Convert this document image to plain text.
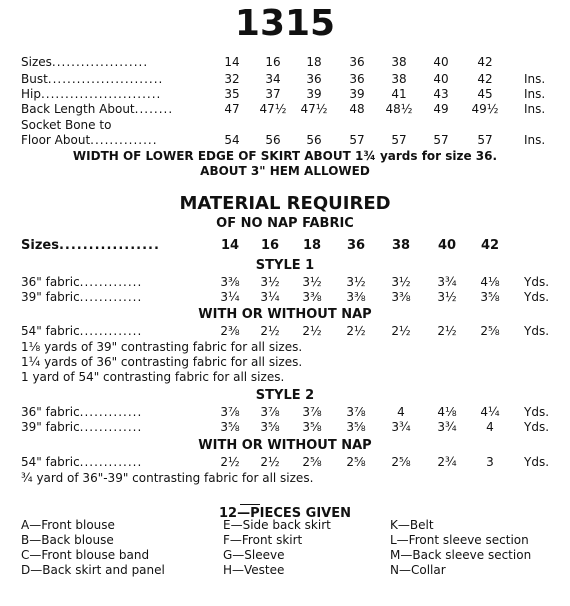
1315
Sizes....................	14	16	18	36	38	40	42
Bust........................	32	34	36	36	38	40	42	Ins.
Hip.........................	35	37	39	39	41	43	45	Ins.
Back Length About........	47	47½	47½	48	48½	49	49½	Ins.
Socket Bone to
Floor About..............	54	56	56	57	57	57	57	Ins.
WIDTH OF LOWER EDGE OF SKIRT ABOUT 1¾ yards for size 36.
ABOUT 3" HEM ALLOWED
MATERIAL REQUIRED
OF NO NAP FABRIC
Sizes.................	14	16	18	36	38	40	42
STYLE 1
36" fabric.............	3⅜	3½	3½	3½	3½	3¾	4⅛	Yds.
39" fabric.............	3¼	3¼	3⅜	3⅜	3⅜	3½	3⅝	Yds.
WITH OR WITHOUT NAP
54" fabric.............	2⅜	2½	2½	2½	2½	2½	2⅝	Yds.
1⅛ yards of 39" contrasting fabric for all sizes.
1¼ yards of 36" contrasting fabric for all sizes.
1 yard of 54" contrasting fabric for all sizes.
STYLE 2
36" fabric.............	3⅞	3⅞	3⅞	3⅞	4	4⅛	4¼	Yds.
39" fabric.............	3⅝	3⅝	3⅝	3⅝	3¾	3¾	4	Yds.
WITH OR WITHOUT NAP
54" fabric.............	2½	2½	2⅝	2⅝	2⅝	2¾	3	Yds.
¾ yard of 36"-39" contrasting fabric for all sizes.
12—PIECES GIVEN
A—Front blouse
B—Back blouse
C—Front blouse band
D—Back skirt and panel
E—Side back skirt
F—Front skirt
G—Sleeve
H—Vestee
K—Belt
L—Front sleeve section
M—Back sleeve section
N—Collar
